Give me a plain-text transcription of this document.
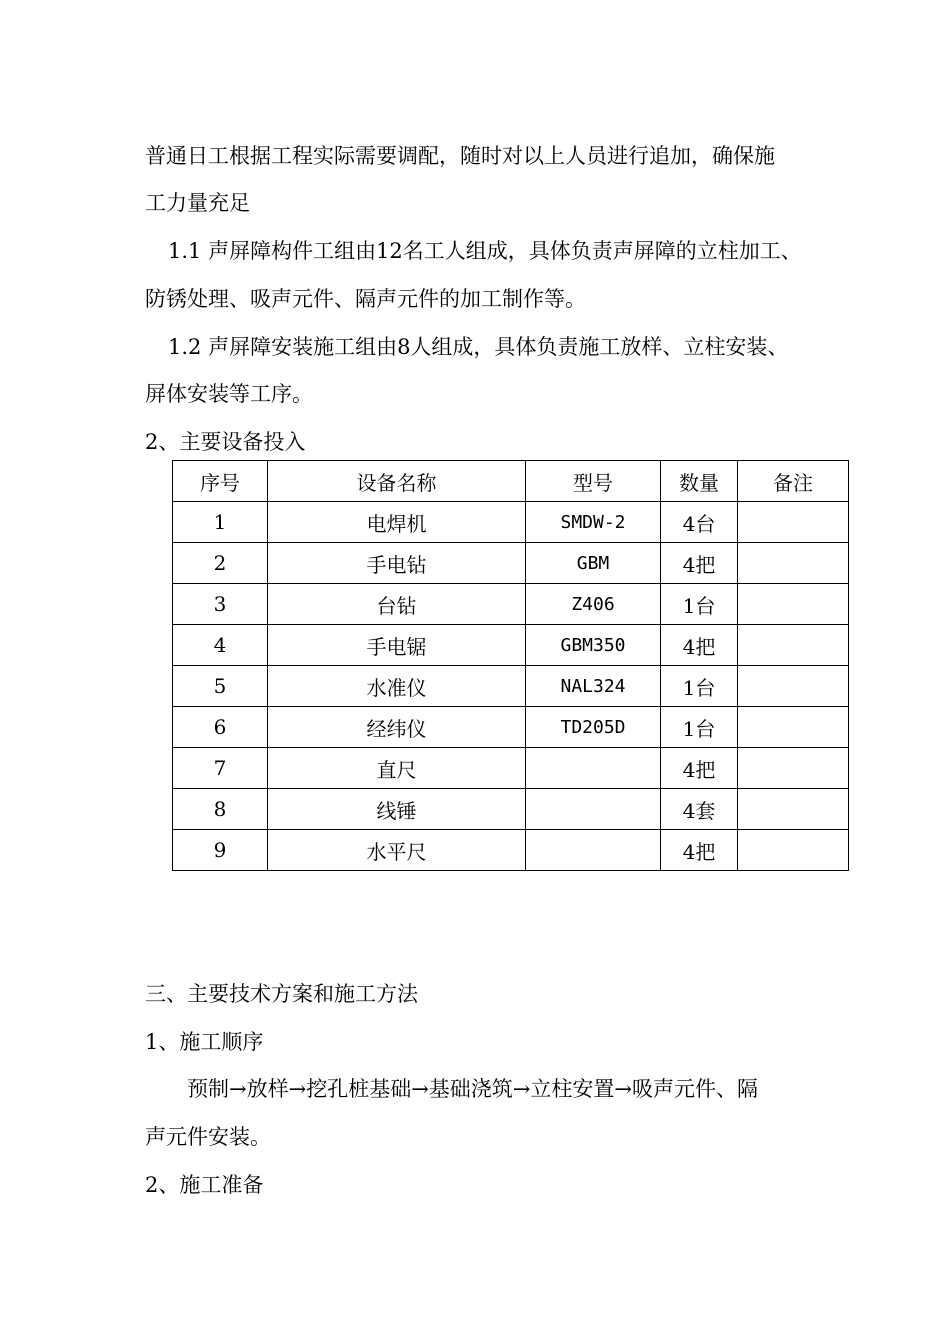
普通日工根据工程实际需要调配，随时对以上人员进行追加，确保施

工力量充足

1.1 声屏障构件工组由12名工人组成，具体负责声屏障的立柱加工、

防锈处理、吸声元件、隔声元件的加工制作等。

1.2 声屏障安装施工组由8人组成，具体负责施工放样、立柱安装、

屏体安装等工序。

2、主要设备投入

序号	设备名称	型号	数量	备注
1	电焊机	SMDW-2	4台	
2	手电钻	GBM	4把	
3	台钻	Z406	1台	
4	手电锯	GBM350	4把	
5	水准仪	NAL324	1台	
6	经纬仪	TD205D	1台	
7	直尺		4把	
8	线锤		4套	
9	水平尺		4把	

三、主要技术方案和施工方法

1、施工顺序

预制→放样→挖孔桩基础→基础浇筑→立柱安置→吸声元件、隔

声元件安装。

2、施工准备
